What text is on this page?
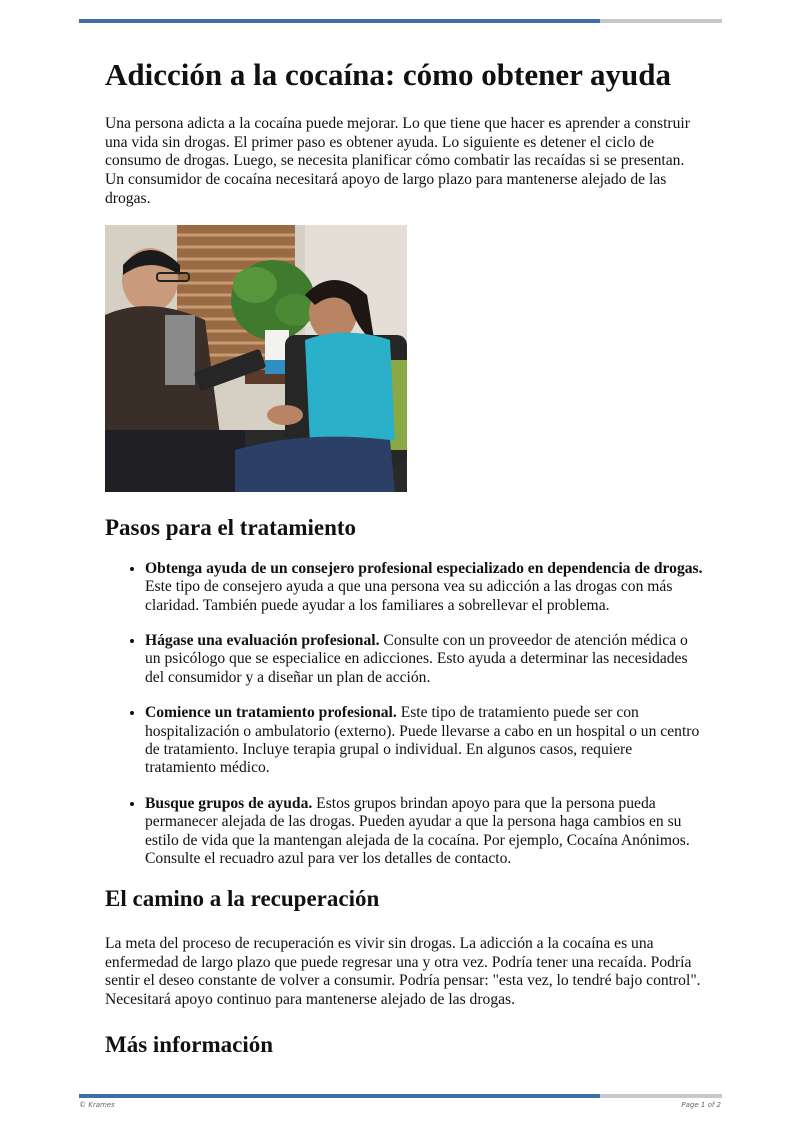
Adicción a la cocaína: cómo obtener ayuda

Una persona adicta a la cocaína puede mejorar. Lo que tiene que hacer es aprender a construir una vida sin drogas. El primer paso es obtener ayuda. Lo siguiente es detener el ciclo de consumo de drogas. Luego, se necesita planificar cómo combatir las recaídas si se presentan. Un consumidor de cocaína necesitará apoyo de largo plazo para mantenerse alejado de las drogas.

Pasos para el tratamiento
• Obtenga ayuda de un consejero profesional especializado en dependencia de drogas. Este tipo de consejero ayuda a que una persona vea su adicción a las drogas con más claridad. También puede ayudar a los familiares a sobrellevar el problema.
• Hágase una evaluación profesional. Consulte con un proveedor de atención médica o un psicólogo que se especialice en adicciones. Esto ayuda a determinar las necesidades del consumidor y a diseñar un plan de acción.
• Comience un tratamiento profesional. Este tipo de tratamiento puede ser con hospitalización o ambulatorio (externo). Puede llevarse a cabo en un hospital o un centro de tratamiento. Incluye terapia grupal o individual. En algunos casos, requiere tratamiento médico.
• Busque grupos de ayuda. Estos grupos brindan apoyo para que la persona pueda permanecer alejada de las drogas. Pueden ayudar a que la persona haga cambios en su estilo de vida que la mantengan alejada de la cocaína. Por ejemplo, Cocaína Anónimos. Consulte el recuadro azul para ver los detalles de contacto.
El camino a la recuperación

La meta del proceso de recuperación es vivir sin drogas. La adicción a la cocaína es una enfermedad de largo plazo que puede regresar una y otra vez. Podría tener una recaída. Podría sentir el deseo constante de volver a consumir. Podría pensar: "esta vez, lo tendré bajo control". Necesitará apoyo continuo para mantenerse alejado de las drogas.

Más información
© Krames	Page 1 of 2
